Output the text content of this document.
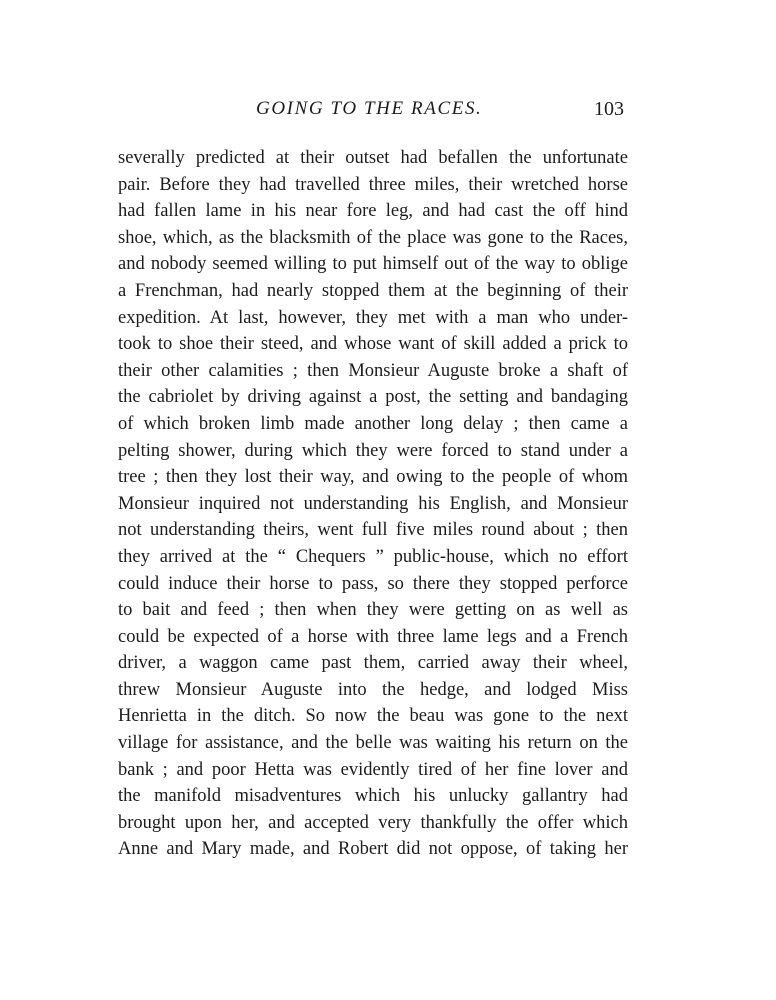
GOING TO THE RACES.	103
severally predicted at their outset had befallen the unfortunate
pair. Before they had travelled three miles, their wretched horse
had fallen lame in his near fore leg, and had cast the off hind
shoe, which, as the blacksmith of the place was gone to the Races,
and nobody seemed willing to put himself out of the way to oblige
a Frenchman, had nearly stopped them at the beginning of their
expedition. At last, however, they met with a man who under-
took to shoe their steed, and whose want of skill added a prick to
their other calamities ; then Monsieur Auguste broke a shaft of
the cabriolet by driving against a post, the setting and bandaging
of which broken limb made another long delay ; then came a
pelting shower, during which they were forced to stand under a
tree ; then they lost their way, and owing to the people of whom
Monsieur inquired not understanding his English, and Monsieur
not understanding theirs, went full five miles round about ; then
they arrived at the “ Chequers ” public-house, which no effort
could induce their horse to pass, so there they stopped perforce
to bait and feed ; then when they were getting on as well as
could be expected of a horse with three lame legs and a French
driver, a waggon came past them, carried away their wheel,
threw Monsieur Auguste into the hedge, and lodged Miss
Henrietta in the ditch. So now the beau was gone to the next
village for assistance, and the belle was waiting his return on the
bank ; and poor Hetta was evidently tired of her fine lover and
the manifold misadventures which his unlucky gallantry had
brought upon her, and accepted very thankfully the offer which
Anne and Mary made, and Robert did not oppose, of taking her
